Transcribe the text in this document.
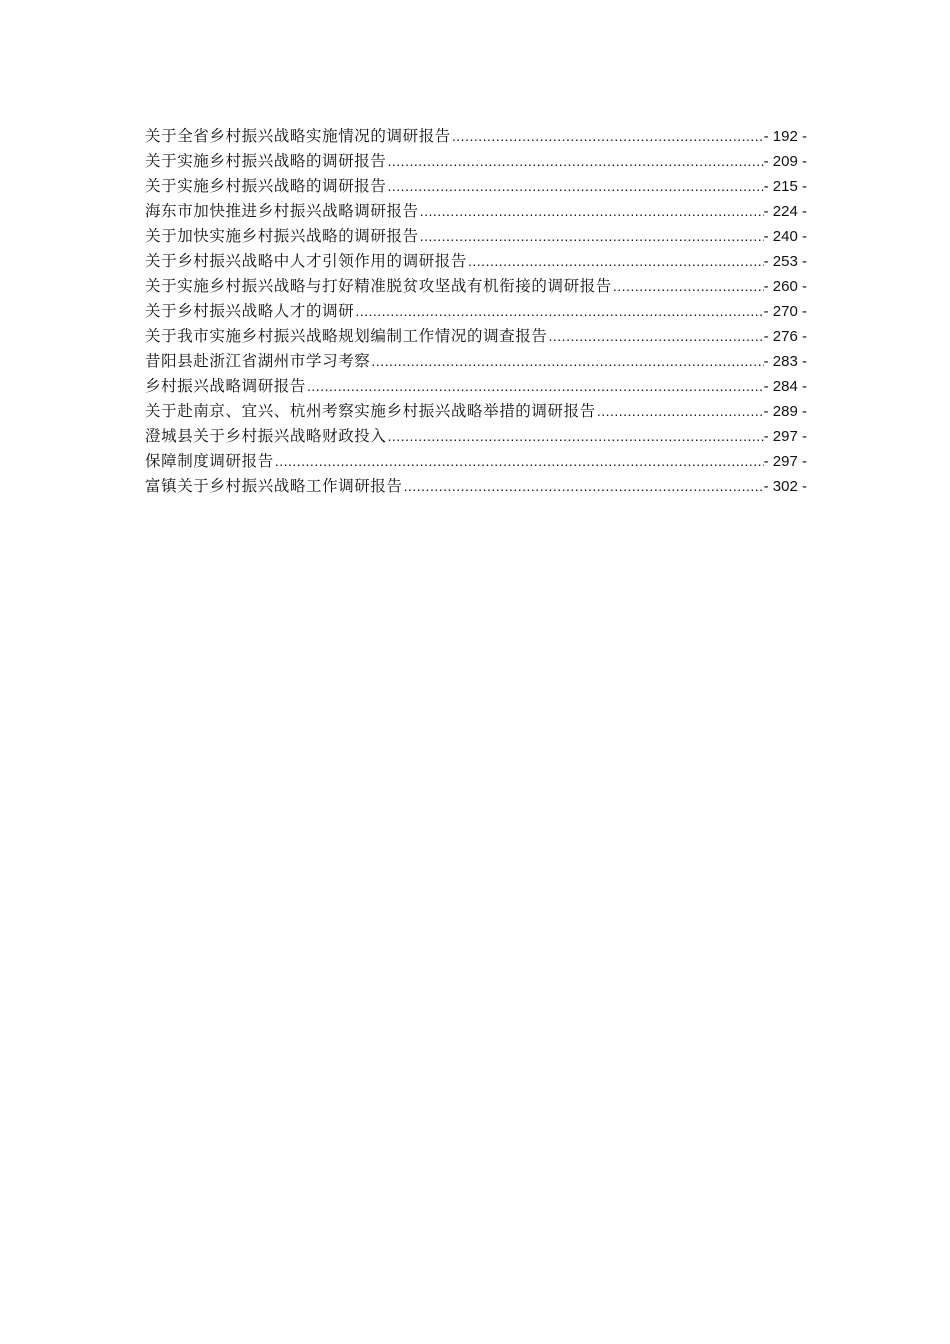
关于全省乡村振兴战略实施情况的调研报告 .....	- 192 -
关于实施乡村振兴战略的调研报告 .....	- 209 -
关于实施乡村振兴战略的调研报告 .....	- 215 -
海东市加快推进乡村振兴战略调研报告 .....	- 224 -
关于加快实施乡村振兴战略的调研报告 .....	- 240 -
关于乡村振兴战略中人才引领作用的调研报告 .....	- 253 -
关于实施乡村振兴战略与打好精准脱贫攻坚战有机衔接的调研报告 .....	- 260 -
关于乡村振兴战略人才的调研 .....	- 270 -
关于我市实施乡村振兴战略规划编制工作情况的调查报告 .....	- 276 -
昔阳县赴浙江省湖州市学习考察 .....	- 283 -
乡村振兴战略调研报告 .....	- 284 -
关于赴南京、宜兴、杭州考察实施乡村振兴战略举措的调研报告 .....	- 289 -
澄城县关于乡村振兴战略财政投入 .....	- 297 -
保障制度调研报告 .....	- 297 -
富镇关于乡村振兴战略工作调研报告 .....	- 302 -
